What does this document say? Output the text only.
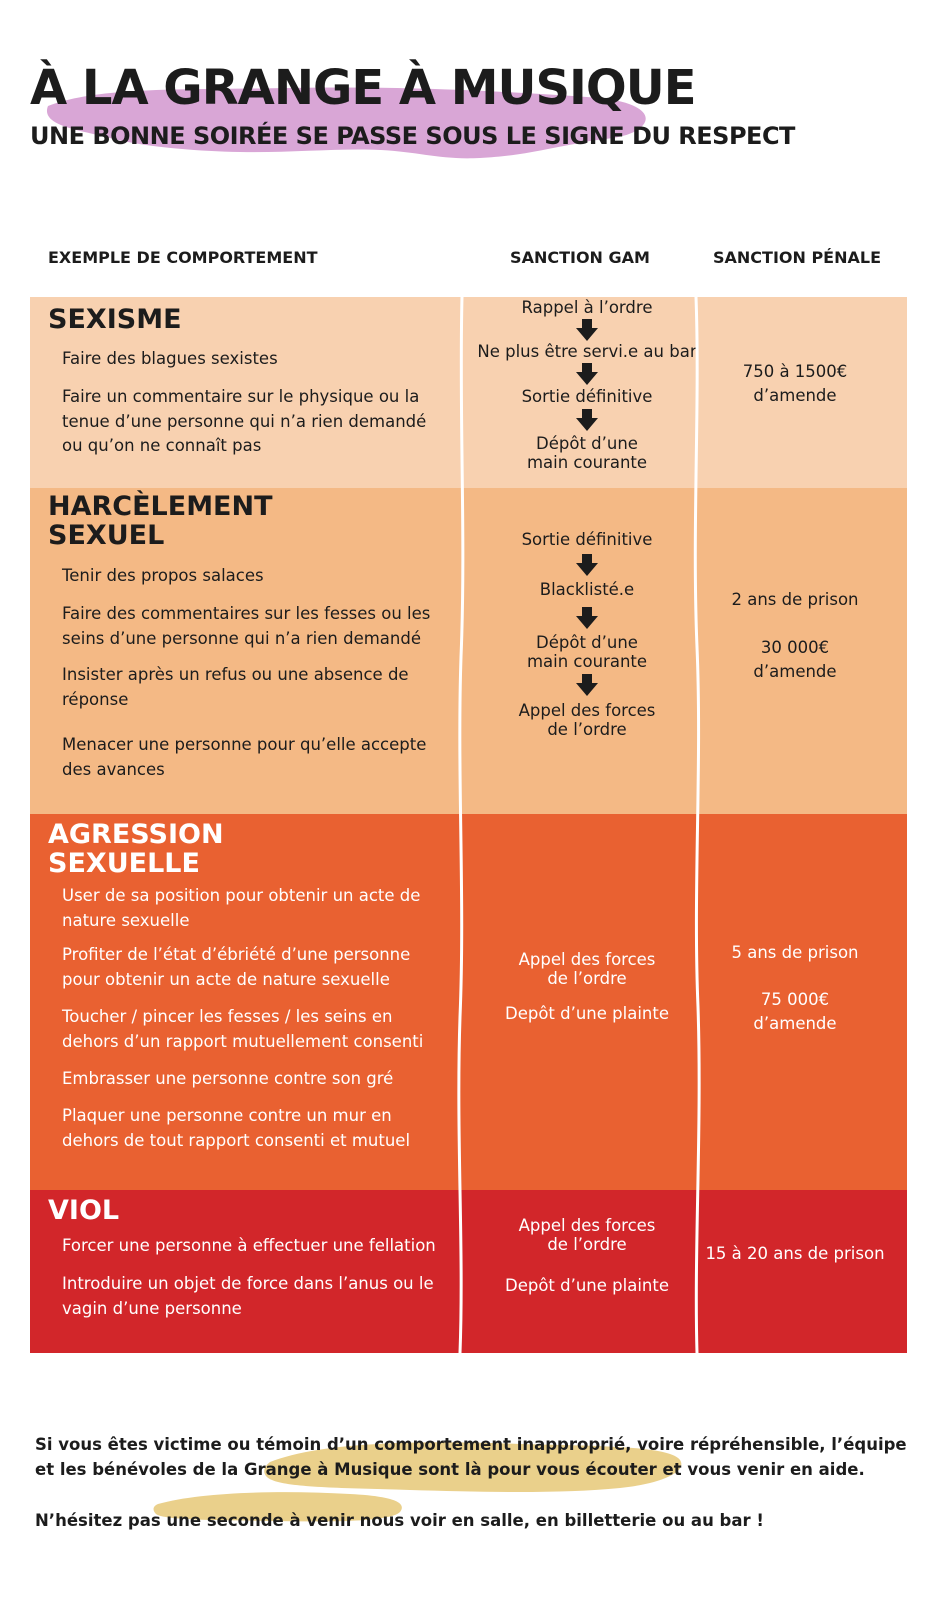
À LA GRANGE À MUSIQUE
UNE BONNE SOIRÉE SE PASSE SOUS LE SIGNE DU RESPECT
EXEMPLE DE COMPORTEMENT	SANCTION GAM	SANCTION PÉNALE
SEXISME

Faire des blagues sexistes

Faire un commentaire sur le physique ou la tenue d’une personne qui n’a rien demandé ou qu’on ne connaît pas

Rappel à l’ordre
Ne plus être servi.e au bar
Sortie définitive
Dépôt d’une main courante
750 à 1500€ d’amende
HARCÈLEMENT SEXUEL

Tenir des propos salaces

Faire des commentaires sur les fesses ou les seins d’une personne qui n’a rien demandé

Insister après un refus ou une absence de réponse

Menacer une personne pour qu’elle accepte des avances

Sortie définitive
Blacklisté.e
Dépôt d’une main courante
Appel des forces de l’ordre
2 ans de prison
30 000€ d’amende
AGRESSION SEXUELLE

User de sa position pour obtenir un acte de nature sexuelle

Profiter de l’état d’ébriété d’une personne pour obtenir un acte de nature sexuelle

Toucher / pincer les fesses / les seins en dehors d’un rapport mutuellement consenti

Embrasser une personne contre son gré

Plaquer une personne contre un mur en dehors de tout rapport consenti et mutuel

Appel des forces de l’ordre
Depôt d’une plainte
5 ans de prison
75 000€ d’amende
VIOL

Forcer une personne à effectuer une fellation

Introduire un objet de force dans l’anus ou le vagin d’une personne

Appel des forces de l’ordre
Depôt d’une plainte
15 à 20 ans de prison

Si vous êtes victime ou témoin d’un comportement inapproprié, voire répréhensible, l’équipe

et les bénévoles de la Grange à Musique sont là pour vous écouter et vous venir en aide.

N’hésitez pas une seconde à venir nous voir en salle, en billetterie ou au bar !
